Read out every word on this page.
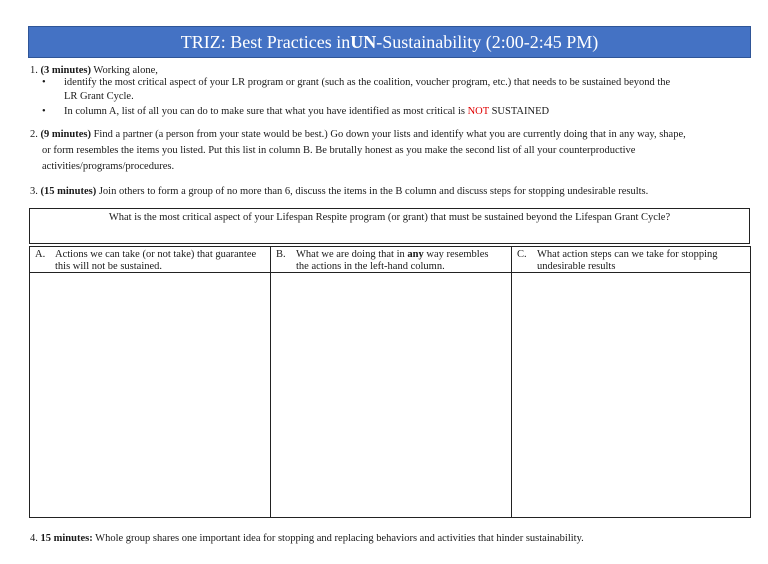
TRIZ: Best Practices in UN -Sustainability (2:00-2:45 PM)
1. (3 minutes) Working alone,
• identify the most critical aspect of your LR program or grant (such as the coalition, voucher program, etc.) that needs to be sustained beyond the
LR Grant Cycle.
• In column A, list of all you can do to make sure that what you have identified as most critical is NOT SUSTAINED
2. (9 minutes) Find a partner (a person from your state would be best.) Go down your lists and identify what you are currently doing that in any way, shape,
or form resembles the items you listed. Put this list in column B. Be brutally honest as you make the second list of all your counterproductive
activities/programs/procedures.
3. (15 minutes) Join others to form a group of no more than 6, discuss the items in the B column and discuss steps for stopping undesirable results.
What is the most critical aspect of your Lifespan Respite program (or grant) that must be sustained beyond the Lifespan Grant Cycle?
A. Actions we can take (or not take) that guarantee
this will not be sustained.
B. What we are doing that in any way resembles
the actions in the left-hand column.
C. What action steps can we take for stopping
undesirable results
4. 15 minutes: Whole group shares one important idea for stopping and replacing behaviors and activities that hinder sustainability.
